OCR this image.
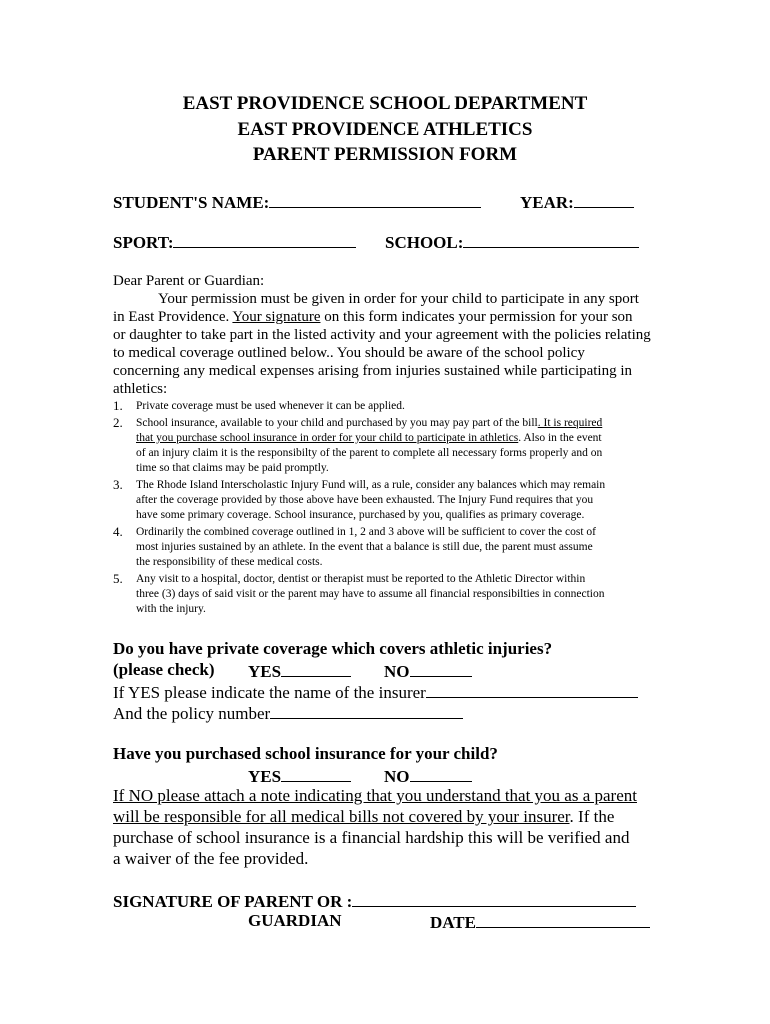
EAST PROVIDENCE SCHOOL DEPARTMENT
EAST PROVIDENCE ATHLETICS
PARENT PERMISSION FORM
STUDENT'S NAME:	YEAR:
SPORT:	SCHOOL:
Dear Parent or Guardian:
Your permission must be given in order for your child to participate in any sport
in East Providence. Your signature on this form indicates your permission for your son
or daughter to take part in the listed activity and your agreement with the policies relating
to medical coverage outlined below.. You should be aware of the school policy
concerning any medical expenses arising from injuries sustained while participating in
athletics:
1. Private coverage must be used whenever it can be applied.
2. School insurance, available to your child and purchased by you may pay part of the bill. It is required
that you purchase school insurance in order for your child to participate in athletics. Also in the event
of an injury claim it is the responsibilty of the parent to complete all necessary forms properly and on
time so that claims may be paid promptly.
3. The Rhode Island Interscholastic Injury Fund will, as a rule, consider any balances which may remain
after the coverage provided by those above have been exhausted. The Injury Fund requires that you
have some primary coverage. School insurance, purchased by you, qualifies as primary coverage.
4. Ordinarily the combined coverage outlined in 1, 2 and 3 above will be sufficient to cover the cost of
most injuries sustained by an athlete. In the event that a balance is still due, the parent must assume
the responsibility of these medical costs.
5. Any visit to a hospital, doctor, dentist or therapist must be reported to the Athletic Director within
three (3) days of said visit or the parent may have to assume all financial responsibilties in connection
with the injury.
Do you have private coverage which covers athletic injuries?
(please check) YES	NO
If YES please indicate the name of the insurer
And the policy number
Have you purchased school insurance for your child?
YES	NO
If NO please attach a note indicating that you understand that you as a parent
will be responsible for all medical bills not covered by your insurer. If the
purchase of school insurance is a financial hardship this will be verified and
a waiver of the fee provided.
SIGNATURE OF PARENT OR :
GUARDIAN	DATE
